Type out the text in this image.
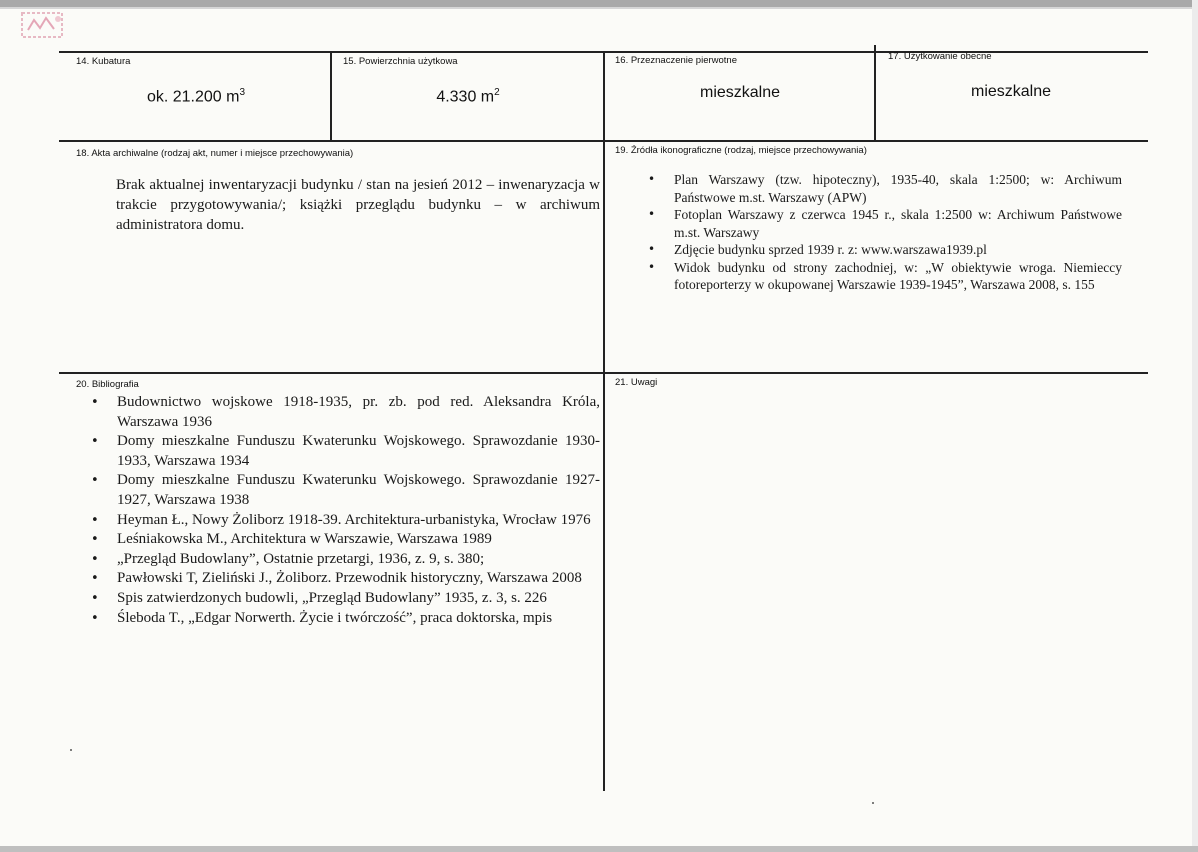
14. Kubatura
ok. 21.200 $m^3$
15. Powierzchnia użytkowa
4.330 $m^2$
16. Przeznaczenie pierwotne
mieszkalne
17. Użytkowanie obecne
mieszkalne
18. Akta archiwalne (rodzaj akt, numer i miejsce przechowywania)
Brak aktualnej inwentaryzacji budynku / stan na jesień 2012 – inwenaryzacja w trakcie przygotowywania/; książki przeglądu budynku – w archiwum administratora domu.
19. Źródła ikonograficzne (rodzaj, miejsce przechowywania)
•	Plan Warszawy (tzw. hipoteczny), 1935-40, skala 1:2500; w: Archiwum Państwowe m.st. Warszawy (APW)
•	Fotoplan Warszawy z czerwca 1945 r., skala 1:2500 w: Archiwum Państwowe m.st. Warszawy
•	Zdjęcie budynku sprzed 1939 r. z: www.warszawa1939.pl
•	Widok budynku od strony zachodniej, w: „W obiektywie wroga. Niemieccy fotoreporterzy w okupowanej Warszawie 1939-1945”, Warszawa 2008, s. 155
20. Bibliografia
•	Budownictwo wojskowe 1918-1935, pr. zb. pod red. Aleksandra Króla, Warszawa 1936
•	Domy mieszkalne Funduszu Kwaterunku Wojskowego. Sprawozdanie 1930-1933, Warszawa 1934
•	Domy mieszkalne Funduszu Kwaterunku Wojskowego. Sprawozdanie 1927-1927, Warszawa 1938
•	Heyman Ł., Nowy Żoliborz 1918-39. Architektura-urbanistyka, Wrocław 1976
•	Leśniakowska M., Architektura w Warszawie, Warszawa 1989
•	„Przegląd Budowlany”, Ostatnie przetargi, 1936, z. 9, s. 380;
•	Pawłowski T, Zieliński J., Żoliborz. Przewodnik historyczny, Warszawa 2008
•	Spis zatwierdzonych budowli, „Przegląd Budowlany” 1935, z. 3, s. 226
•	Śleboda T., „Edgar Norwerth. Życie i twórczość”, praca doktorska, mpis
21. Uwagi
